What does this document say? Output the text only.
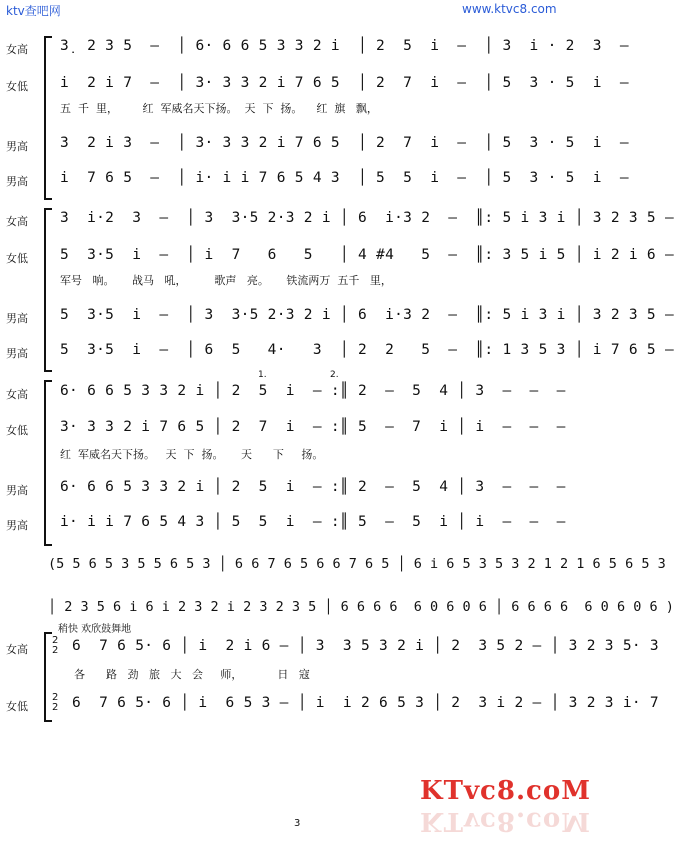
ktv查吧网	www.ktvc8.com
女高 3̣  2 3 5  –  │ 6· 6 6 5 3 3 2 i  │ 2  5  i  –  │ 3  i · 2  3  –
女低 i  2 i 7  –  │ 3· 3 3 2 i 7 6 5  │ 2  7  i  –  │ 5  3 · 5  i  –
五  千  里，       红  军威名天下扬。  天  下  扬。    红  旗   飘，
男高 3  2 i 3  –  │ 3· 3 3 2 i 7 6 5  │ 2  7  i  –  │ 5  3 · 5  i  –
男高 i  7 6 5  –  │ i· i i 7 6 5 4 3  │ 5  5  i  –  │ 5  3 · 5  i  –
女高 3  i·2  3  –  │ 3  3·5 2·3 2 i │ 6  i·3 2  –  ║: 5 i 3 i │ 3 2 3 5 –
女低 5  3·5  i  –  │ i  7   6   5   │ 4 #4   5  –  ║: 3 5 i 5 │ i 2 i 6 –
军号   响。     战马   吼，        歌声   亮。     铁流两万  五千   里，
男高 5  3·5  i  –  │ 3  3·5 2·3 2 i │ 6  i·3 2  –  ║: 5 i 3 i │ 3 2 3 5 –
男高 5  3·5  i  –  │ 6  5   4·   3  │ 2  2   5  –  ║: 1 3 5 3 │ i 7 6 5 –
女高 6· 6 6 5 3 3 2 i │ 2  5  i  – :║ 2  –  5  4 │ 3  –  –  –
1.	2.
女低 3· 3 3 2 i 7 6 5 │ 2  7  i  – :║ 5  –  7  i │ i  –  –  –
红  军威名天下扬。   天  下  扬。     天      下     扬。
男高 6· 6 6 5 3 3 2 i │ 2  5  i  – :║ 2  –  5  4 │ 3  –  –  –
男高 i· i i 7 6 5 4 3 │ 5  5  i  – :║ 5  –  5  i │ i  –  –  –
(5 5 6 5 3 5 5 6 5 3 │ 6 6 7 6 5 6 6 7 6 5 │ 6 i 6 5 3 5 3 2 1 2 1 6 5 6 5 3
│ 2 3 5 6 i 6 i 2 3 2 i 2 3 2 3 5 │ 6 6 6 6  6 0 6 0 6 │ 6 6 6 6  6 0 6 0 6 )
稍快 欢欣鼓舞地
女高	6  7 6 5· 6 │ i  2 i 6 – │ 3  3 5 3 2 i │ 2  3 5 2 – │ 3 2 3 5· 3
2
2
各      路   劲   旅   大   会     师，          日   寇
女低	6  7 6 5· 6 │ i  6 5 3 – │ i  i 2 6 5 3 │ 2  3 i 2 – │ 3 2 3 i· 7
2
2
KTvc8.coM
KTvc8.coM
3
